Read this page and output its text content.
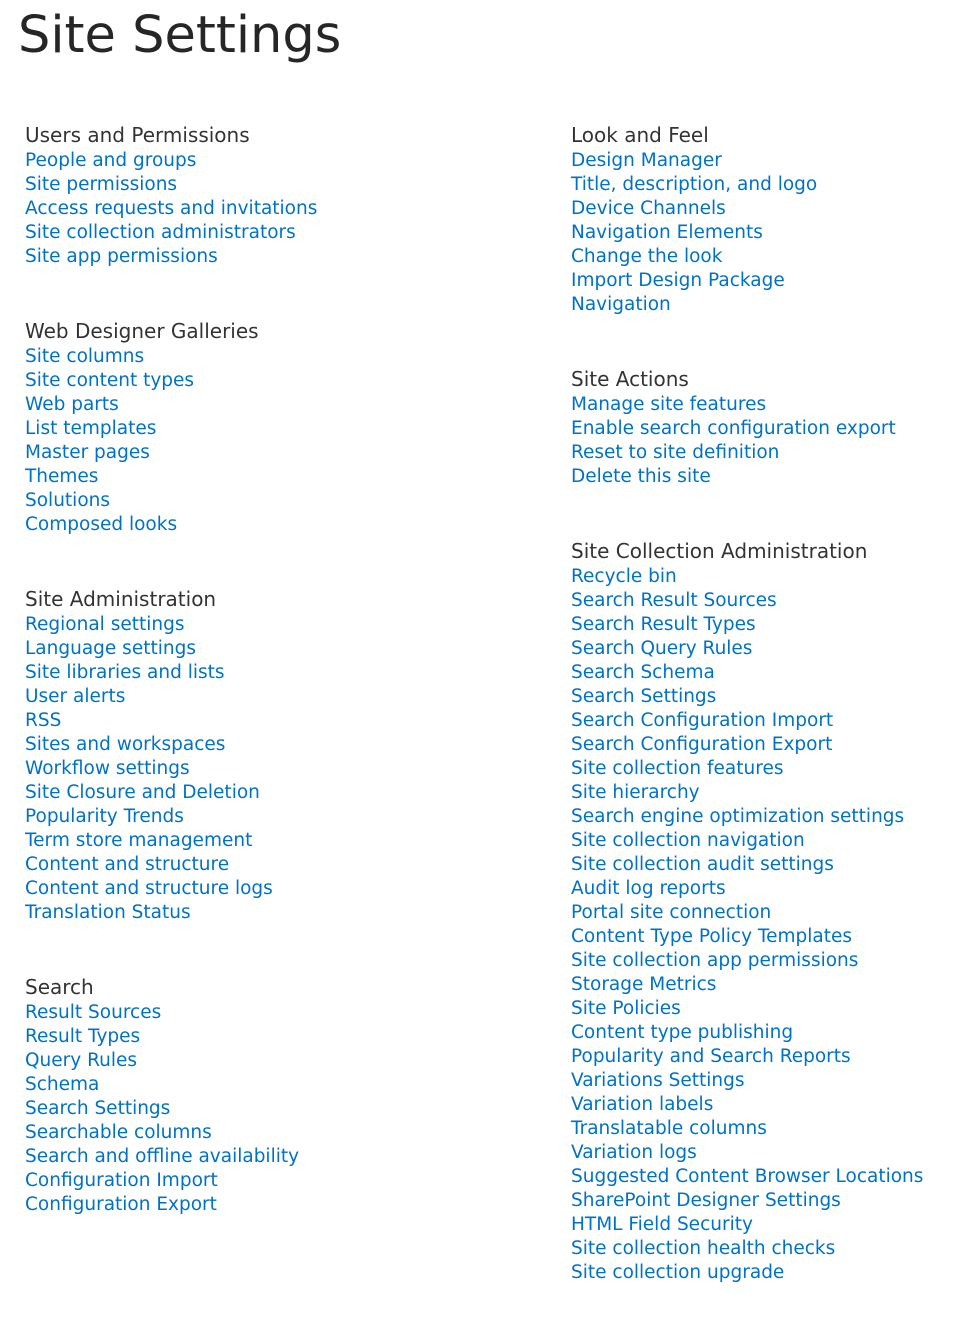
Site Settings
Users and Permissions
People and groups
Site permissions
Access requests and invitations
Site collection administrators
Site app permissions
Web Designer Galleries
Site columns
Site content types
Web parts
List templates
Master pages
Themes
Solutions
Composed looks
Site Administration
Regional settings
Language settings
Site libraries and lists
User alerts
RSS
Sites and workspaces
Workflow settings
Site Closure and Deletion
Popularity Trends
Term store management
Content and structure
Content and structure logs
Translation Status
Search
Result Sources
Result Types
Query Rules
Schema
Search Settings
Searchable columns
Search and offline availability
Configuration Import
Configuration Export
Look and Feel
Design Manager
Title, description, and logo
Device Channels
Navigation Elements
Change the look
Import Design Package
Navigation
Site Actions
Manage site features
Enable search configuration export
Reset to site definition
Delete this site
Site Collection Administration
Recycle bin
Search Result Sources
Search Result Types
Search Query Rules
Search Schema
Search Settings
Search Configuration Import
Search Configuration Export
Site collection features
Site hierarchy
Search engine optimization settings
Site collection navigation
Site collection audit settings
Audit log reports
Portal site connection
Content Type Policy Templates
Site collection app permissions
Storage Metrics
Site Policies
Content type publishing
Popularity and Search Reports
Variations Settings
Variation labels
Translatable columns
Variation logs
Suggested Content Browser Locations
SharePoint Designer Settings
HTML Field Security
Site collection health checks
Site collection upgrade
